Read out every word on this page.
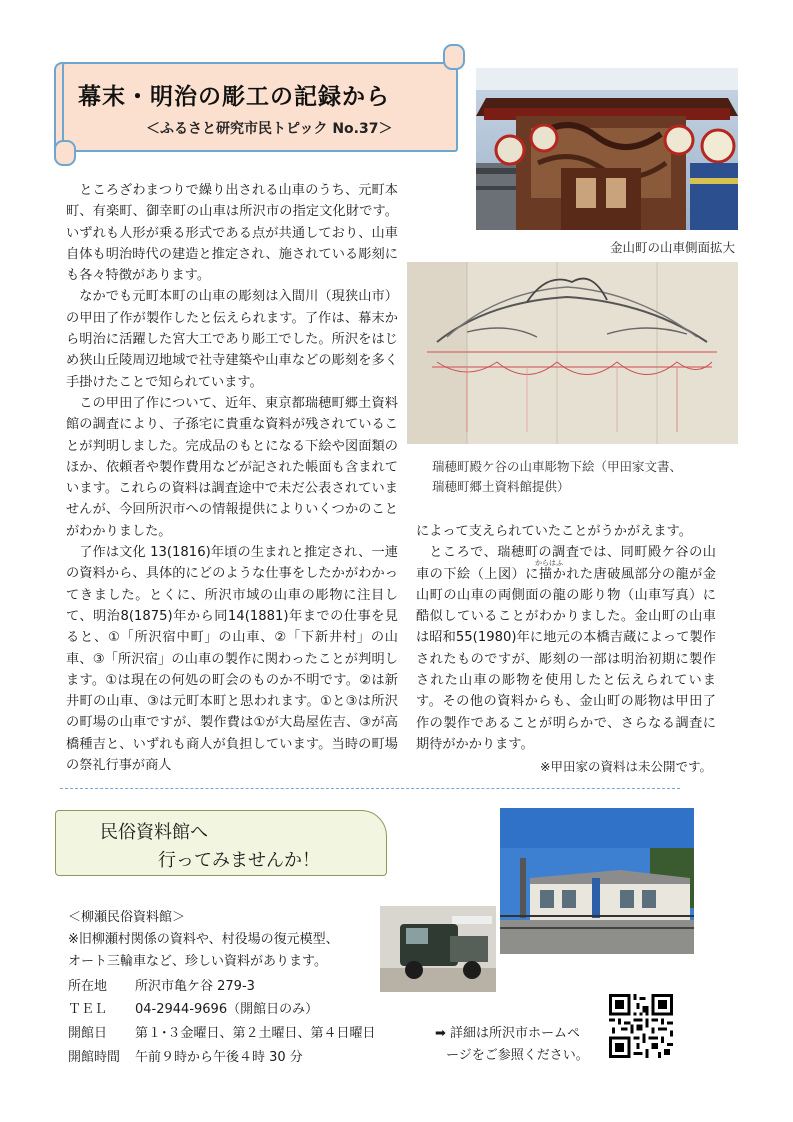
幕末・明治の彫工の記録から
＜ふるさと研究市民トピック No.37＞
金山町の山車側面拡大
瑞穂町殿ケ谷の山車彫物下絵（甲田家文書、
瑞穂町郷土資料館提供）

ところざわまつりで繰り出される山車のうち、元町本町、有楽町、御幸町の山車は所沢市の指定文化財です。いずれも人形が乗る形式である点が共通しており、山車自体も明治時代の建造と推定され、施されている彫刻にも各々特徴があります。

なかでも元町本町の山車の彫刻は入間川（現狭山市）の甲田了作が製作したと伝えられます。了作は、幕末から明治に活躍した宮大工であり彫工でした。所沢をはじめ狭山丘陵周辺地域で社寺建築や山車などの彫刻を多く手掛けたことで知られています。

この甲田了作について、近年、東京都瑞穂町郷土資料館の調査により、子孫宅に貴重な資料が残されていることが判明しました。完成品のもとになる下絵や図面類のほか、依頼者や製作費用などが記された帳面も含まれています。これらの資料は調査途中で未だ公表されていませんが、今回所沢市への情報提供によりいくつかのことがわかりました。

了作は文化 13(1816)年頃の生まれと推定され、一連の資料から、具体的にどのような仕事をしたかがわかってきました。とくに、所沢市域の山車の彫物に注目して、明治8(1875)年から同14(1881)年までの仕事を見ると、①「所沢宿中町」の山車、②「下新井村」の山車、③「所沢宿」の山車の製作に関わったことが判明します。①は現在の何処の町会のものか不明です。②は新井町の山車、③は元町本町と思われます。①と③は所沢の町場の山車ですが、製作費は①が大島屋佐吉、③が高橋種吉と、いずれも商人が負担しています。当時の町場の祭礼行事が商人

によって支えられていたことがうかがえます。

ところで、瑞穂町の調査では、同町殿ケ谷の山車の下絵（上図）に描かれた唐破風部分の龍が金山町の山車の両側面の龍の彫り物（山車写真）に酷似していることがわかりました。金山町の山車は昭和55(1980)年に地元の本橋吉蔵によって製作されたものですが、彫刻の一部は明治初期に製作された山車の彫物を使用したと伝えられています。その他の資料からも、金山町の彫物は甲田了作の製作であることが明らかで、さらなる調査に期待がかかります。

からはふ
※甲田家の資料は未公開です。
民俗資料館へ
行ってみませんか！
＜柳瀬民俗資料館＞
※旧柳瀬村関係の資料や、村役場の復元模型、
オート三輪車など、珍しい資料があります。
所在地 所沢市亀ケ谷 279-3
ＴＥＬ 04-2944-9696（開館日のみ）
開館日 第１･３金曜日、第２土曜日、第４日曜日
開館時間 午前９時から午後４時 30 分
➡ 詳細は所沢市ホームペ
ージをご参照ください。
